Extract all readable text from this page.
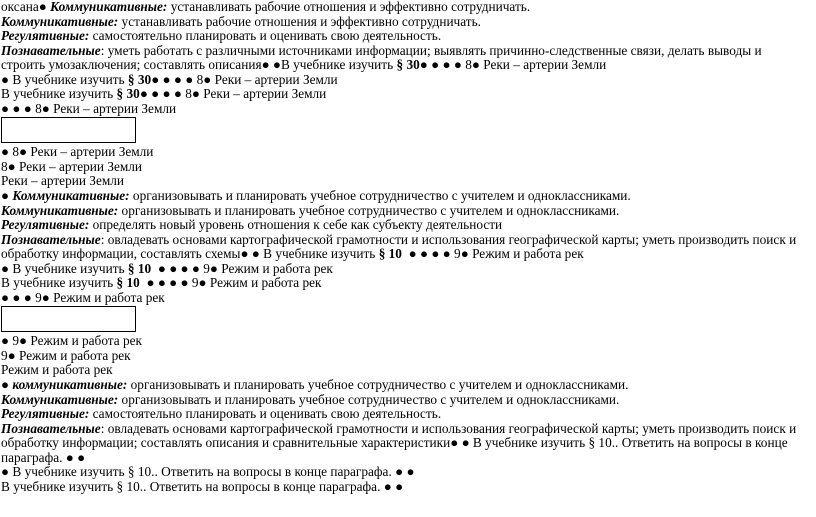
оксана● Коммуникативные: устанавливать рабочие отношения и эффективно сотрудничать.
Коммуникативные: устанавливать рабочие отношения и эффективно сотрудничать.
Регулятивные: самостоятельно планировать и оценивать свою деятельность.
Познавательные: уметь работать с различными источниками информации; выявлять причинно-следственные связи, делать выводы и
строить умозаключения; составлять описания● ●В учебнике изучить § 30● ● ● ● 8● Реки – артерии Земли
● В учебнике изучить § 30● ● ● ● 8● Реки – артерии Земли
В учебнике изучить § 30● ● ● ● 8● Реки – артерии Земли
● ● ● 8● Реки – артерии Земли
● 8● Реки – артерии Земли
8● Реки – артерии Земли
Реки – артерии Земли
● Коммуникативные: организовывать и планировать учебное сотрудничество с учителем и одноклассниками.
Коммуникативные: организовывать и планировать учебное сотрудничество с учителем и одноклассниками.
Регулятивные: определять новый уровень отношения к себе как субъекту деятельности
Познавательные: овладевать основами картографической грамотности и использования географической карты; уметь производить поиск и
обработку информации, составлять схемы● ● В учебнике изучить § 10  ● ● ● ● 9● Режим и работа рек
● В учебнике изучить § 10  ● ● ● ● 9● Режим и работа рек
В учебнике изучить § 10  ● ● ● ● 9● Режим и работа рек
● ● ● 9● Режим и работа рек
● 9● Режим и работа рек
9● Режим и работа рек
Режим и работа рек
● коммуникативные: организовывать и планировать учебное сотрудничество с учителем и одноклассниками.
Коммуникативные: организовывать и планировать учебное сотрудничество с учителем и одноклассниками.
Регулятивные: самостоятельно планировать и оценивать свою деятельность.
Познавательные: овладевать основами картографической грамотности и использования географической карты; уметь производить поиск и
обработку информации; составлять описания и сравнительные характеристики● ● В учебнике изучить § 10.. Ответить на вопросы в конце
параграфа. ● ●
● В учебнике изучить § 10.. Ответить на вопросы в конце параграфа. ● ●
В учебнике изучить § 10.. Ответить на вопросы в конце параграфа. ● ●
